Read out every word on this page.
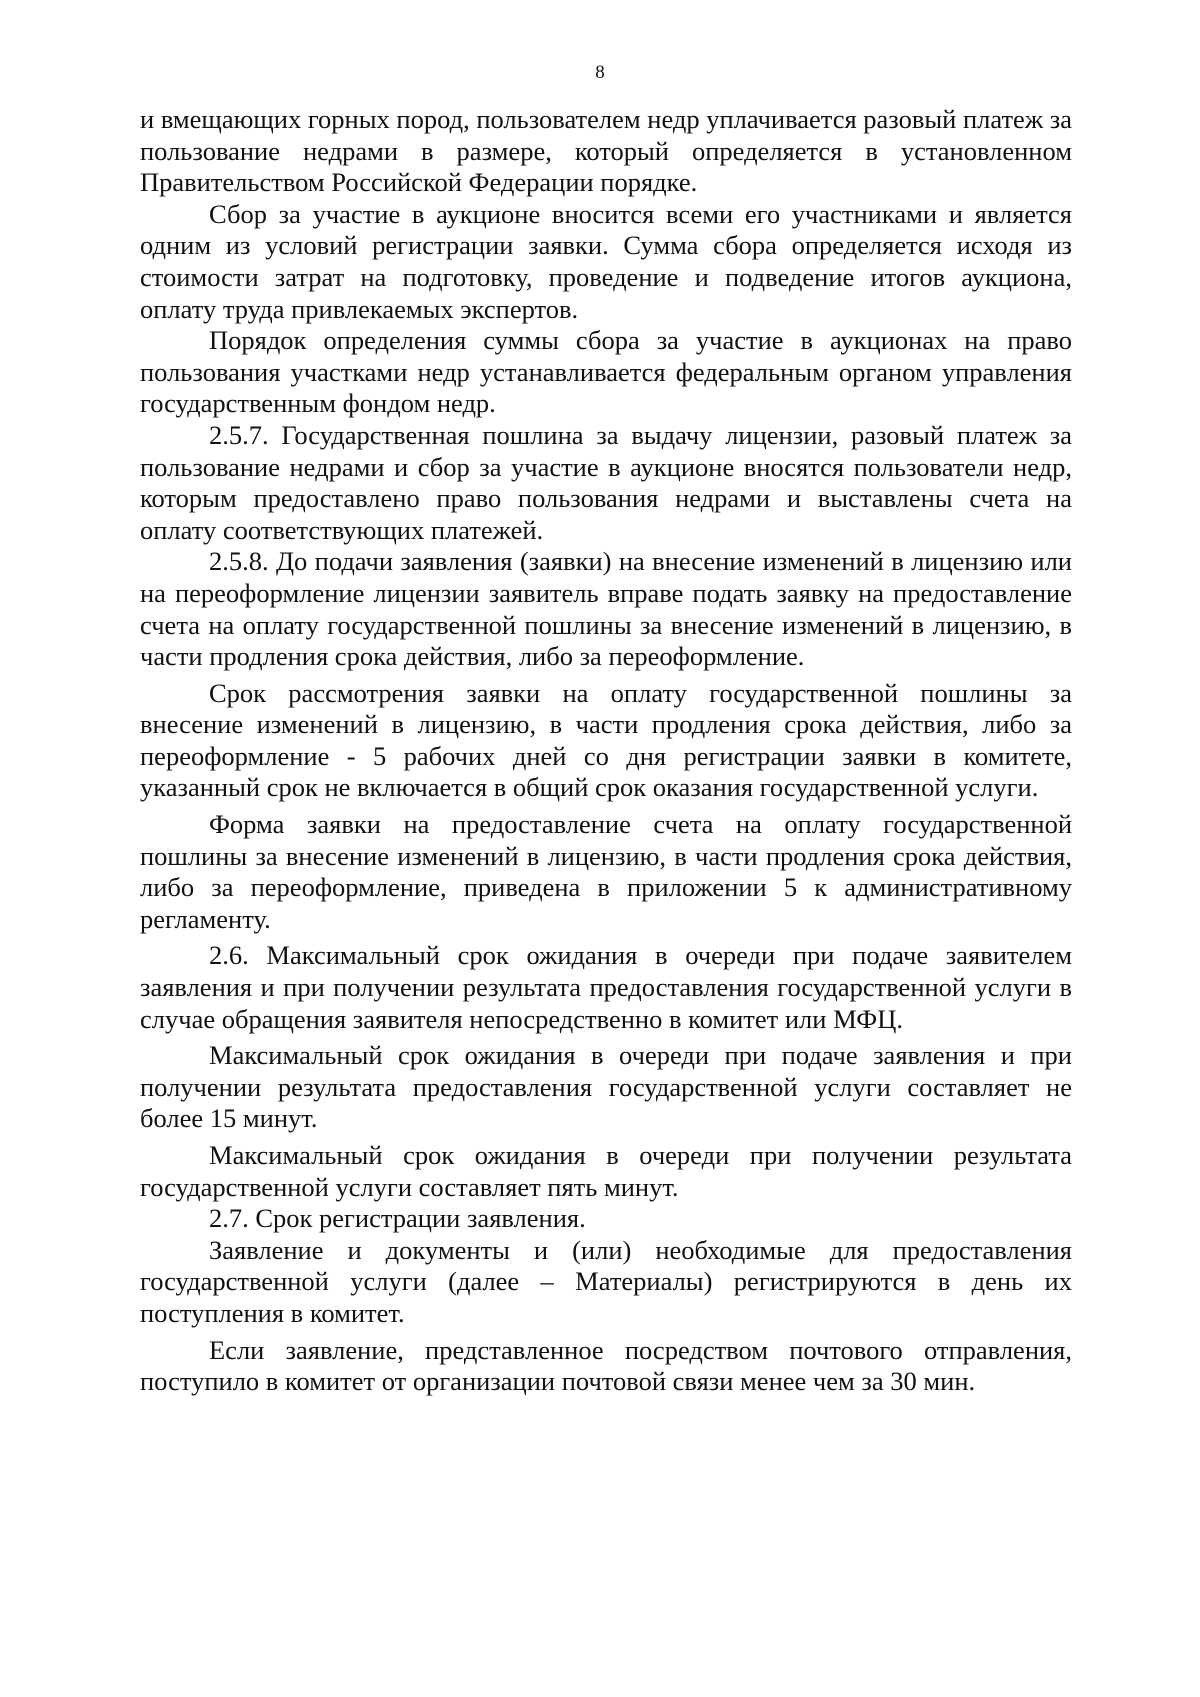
8

и вмещающих горных пород, пользователем недр уплачивается разовый платеж за пользование недрами в размере, который определяется в установленном Правительством Российской Федерации порядке.

Сбор за участие в аукционе вносится всеми его участниками и является одним из условий регистрации заявки. Сумма сбора определяется исходя из стоимости затрат на подготовку, проведение и подведение итогов аукциона, оплату труда привлекаемых экспертов.

Порядок определения суммы сбора за участие в аукционах на право пользования участками недр устанавливается федеральным органом управления государственным фондом недр.

2.5.7. Государственная пошлина за выдачу лицензии, разовый платеж за пользование недрами и сбор за участие в аукционе вносятся пользователи недр, которым предоставлено право пользования недрами и выставлены счета на оплату соответствующих платежей.

2.5.8. До подачи заявления (заявки) на внесение изменений в лицензию или на переоформление лицензии заявитель вправе подать заявку на предоставление счета на оплату государственной пошлины за внесение изменений в лицензию, в части продления срока действия, либо за переоформление.

Срок рассмотрения заявки на оплату государственной пошлины за внесение изменений в лицензию, в части продления срока действия, либо за переоформление - 5 рабочих дней со дня регистрации заявки в комитете, указанный срок не включается в общий срок оказания государственной услуги.

Форма заявки на предоставление счета на оплату государственной пошлины за внесение изменений в лицензию, в части продления срока действия, либо за переоформление, приведена в приложении 5 к административному регламенту.

2.6. Максимальный срок ожидания в очереди при подаче заявителем заявления и при получении результата предоставления государственной услуги в случае обращения заявителя непосредственно в комитет или МФЦ.

Максимальный срок ожидания в очереди при подаче заявления и при получении результата предоставления государственной услуги составляет не более 15 минут.

Максимальный срок ожидания в очереди при получении результата государственной услуги составляет пять минут.

2.7. Срок регистрации заявления.

Заявление и документы и (или) необходимые для предоставления государственной услуги (далее – Материалы) регистрируются в день их поступления в комитет.

Если заявление, представленное посредством почтового отправления, поступило в комитет от организации почтовой связи менее чем за 30 мин.
